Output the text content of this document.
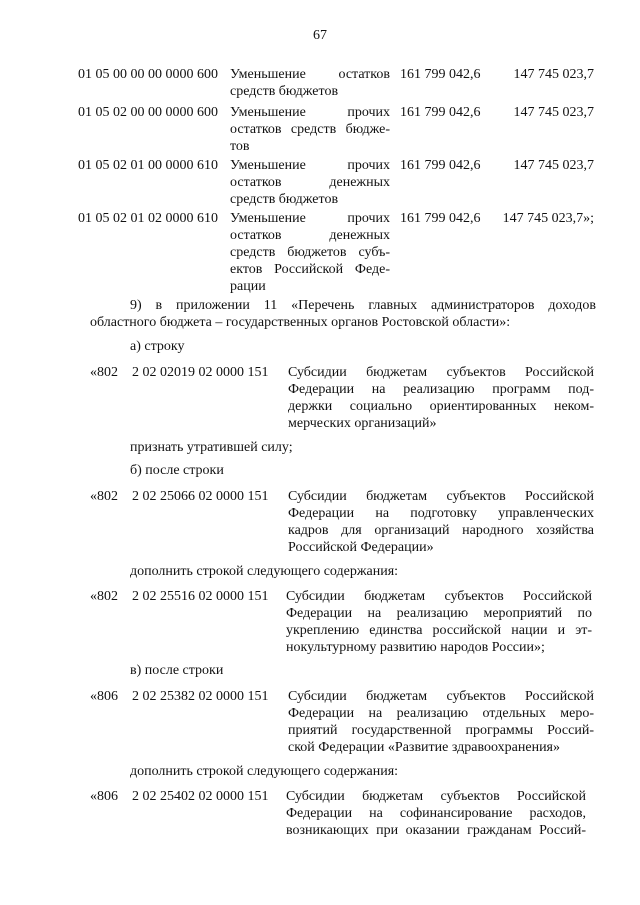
67
01 05 00 00 00 0000 600 Уменьшение остатков
средств бюджетов
161 799 042,6 147 745 023,7
01 05 02 00 00 0000 600 Уменьшение прочих
остатков средств бюдже-
тов
161 799 042,6 147 745 023,7
01 05 02 01 00 0000 610 Уменьшение прочих
остатков денежных
средств бюджетов
161 799 042,6 147 745 023,7
01 05 02 01 02 0000 610 Уменьшение прочих
остатков денежных
средств бюджетов субъ-
ектов Российской Феде-
рации
161 799 042,6 147 745 023,7»;
9) в приложении 11 «Перечень главных администраторов доходов
областного бюджета – государственных органов Ростовской области»:
а) строку
«802 2 02 02019 02 0000 151 Субсидии бюджетам субъектов Российской
Федерации на реализацию программ под-
держки социально ориентированных неком-
мерческих организаций»
признать утратившей силу;
б) после строки
«802 2 02 25066 02 0000 151 Субсидии бюджетам субъектов Российской
Федерации на подготовку управленческих
кадров для организаций народного хозяйства
Российской Федерации»
дополнить строкой следующего содержания:
«802 2 02 25516 02 0000 151 Субсидии бюджетам субъектов Российской
Федерации на реализацию мероприятий по
укреплению единства российской нации и эт-
нокультурному развитию народов России»;
в) после строки
«806 2 02 25382 02 0000 151 Субсидии бюджетам субъектов Российской
Федерации на реализацию отдельных меро-
приятий государственной программы Россий-
ской Федерации «Развитие здравоохранения»
дополнить строкой следующего содержания:
«806 2 02 25402 02 0000 151 Субсидии бюджетам субъектов Российской
Федерации на софинансирование расходов,
возникающих при оказании гражданам Россий-
